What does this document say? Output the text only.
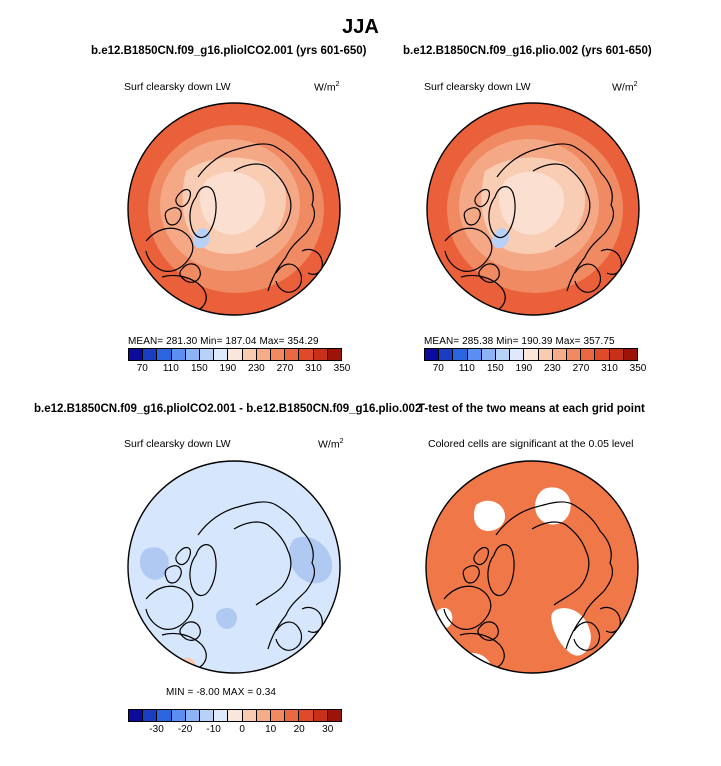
JJA
b.e12.B1850CN.f09_g16.pliolCO2.001 (yrs 601-650)
Surf clearsky down LW	$W/m^2$
MEAN= 281.30 Min= 187.04 Max= 354.29
70	110	150	190	230	270	310	350
b.e12.B1850CN.f09_g16.plio.002 (yrs 601-650)
Surf clearsky down LW	$W/m^2$
MEAN= 285.38 Min= 190.39 Max= 357.75
70	110	150	190	230	270	310	350
b.e12.B1850CN.f09_g16.pliolCO2.001 - b.e12.B1850CN.f09_g16.plio.002
Surf clearsky down LW	$W/m^2$
MIN = -8.00 MAX = 0.34
-30	-20	-10	0	10	20	30
T-test of the two means at each grid point
Colored cells are significant at the 0.05 level
